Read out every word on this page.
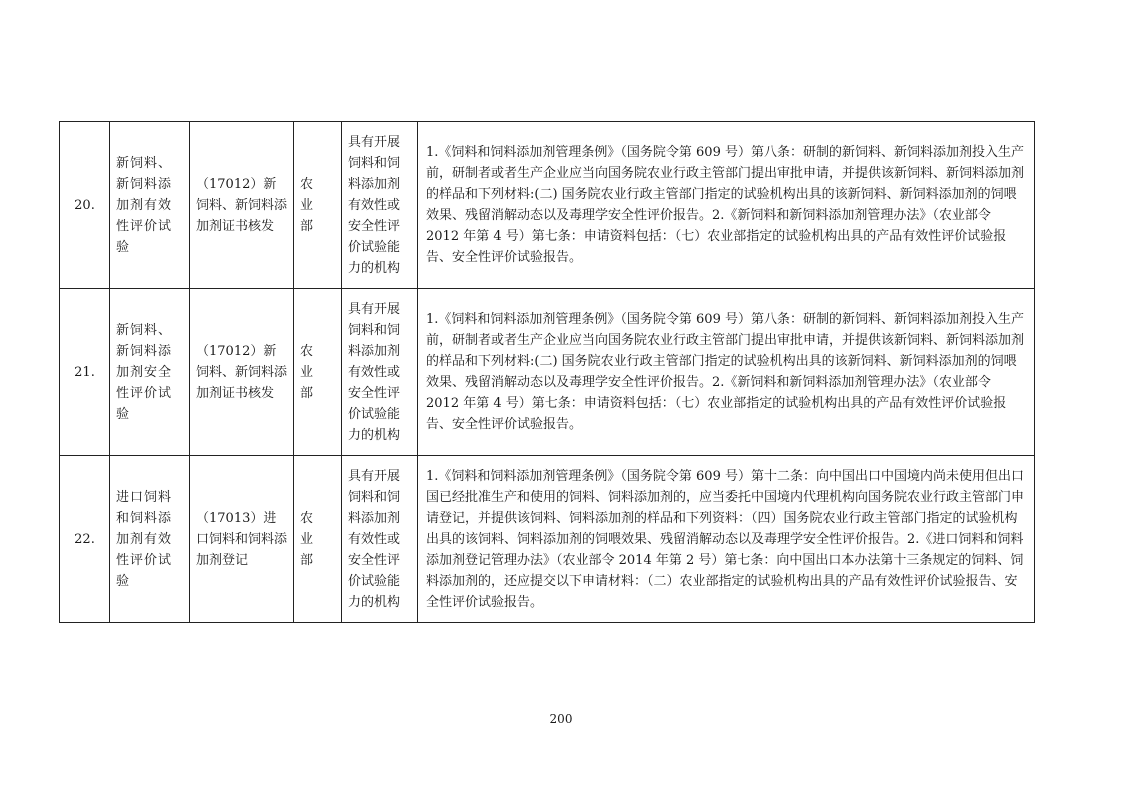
20.	新饲料、新饲料添加剂有效性评价试验	（17012）新饲料、新饲料添加剂证书核发	农业部	具有开展饲料和饲料添加剂有效性或安全性评价试验能力的机构	1.《饲料和饲料添加剂管理条例》（国务院令第 609 号）第八条：研制的新饲料、新饲料添加剂投入生产前，研制者或者生产企业应当向国务院农业行政主管部门提出审批申请，并提供该新饲料、新饲料添加剂的样品和下列材料:(二) 国务院农业行政主管部门指定的试验机构出具的该新饲料、新饲料添加剂的饲喂效果、残留消解动态以及毒理学安全性评价报告。2.《新饲料和新饲料添加剂管理办法》（农业部令 2012 年第 4 号）第七条：申请资料包括：（七）农业部指定的试验机构出具的产品有效性评价试验报告、安全性评价试验报告。
21.	新饲料、新饲料添加剂安全性评价试验	（17012）新饲料、新饲料添加剂证书核发	农业部	具有开展饲料和饲料添加剂有效性或安全性评价试验能力的机构	1.《饲料和饲料添加剂管理条例》（国务院令第 609 号）第八条：研制的新饲料、新饲料添加剂投入生产前，研制者或者生产企业应当向国务院农业行政主管部门提出审批申请，并提供该新饲料、新饲料添加剂的样品和下列材料:(二) 国务院农业行政主管部门指定的试验机构出具的该新饲料、新饲料添加剂的饲喂效果、残留消解动态以及毒理学安全性评价报告。2.《新饲料和新饲料添加剂管理办法》（农业部令 2012 年第 4 号）第七条：申请资料包括：（七）农业部指定的试验机构出具的产品有效性评价试验报告、安全性评价试验报告。
22.	进口饲料和饲料添加剂有效性评价试验	（17013）进口饲料和饲料添加剂登记	农业部	具有开展饲料和饲料添加剂有效性或安全性评价试验能力的机构	1.《饲料和饲料添加剂管理条例》（国务院令第 609 号）第十二条：向中国出口中国境内尚未使用但出口国已经批准生产和使用的饲料、饲料添加剂的，应当委托中国境内代理机构向国务院农业行政主管部门申请登记，并提供该饲料、饲料添加剂的样品和下列资料：（四）国务院农业行政主管部门指定的试验机构出具的该饲料、饲料添加剂的饲喂效果、残留消解动态以及毒理学安全性评价报告。2.《进口饲料和饲料添加剂登记管理办法》（农业部令 2014 年第 2 号）第七条：向中国出口本办法第十三条规定的饲料、饲料添加剂的，还应提交以下申请材料：（二）农业部指定的试验机构出具的产品有效性评价试验报告、安全性评价试验报告。
200
